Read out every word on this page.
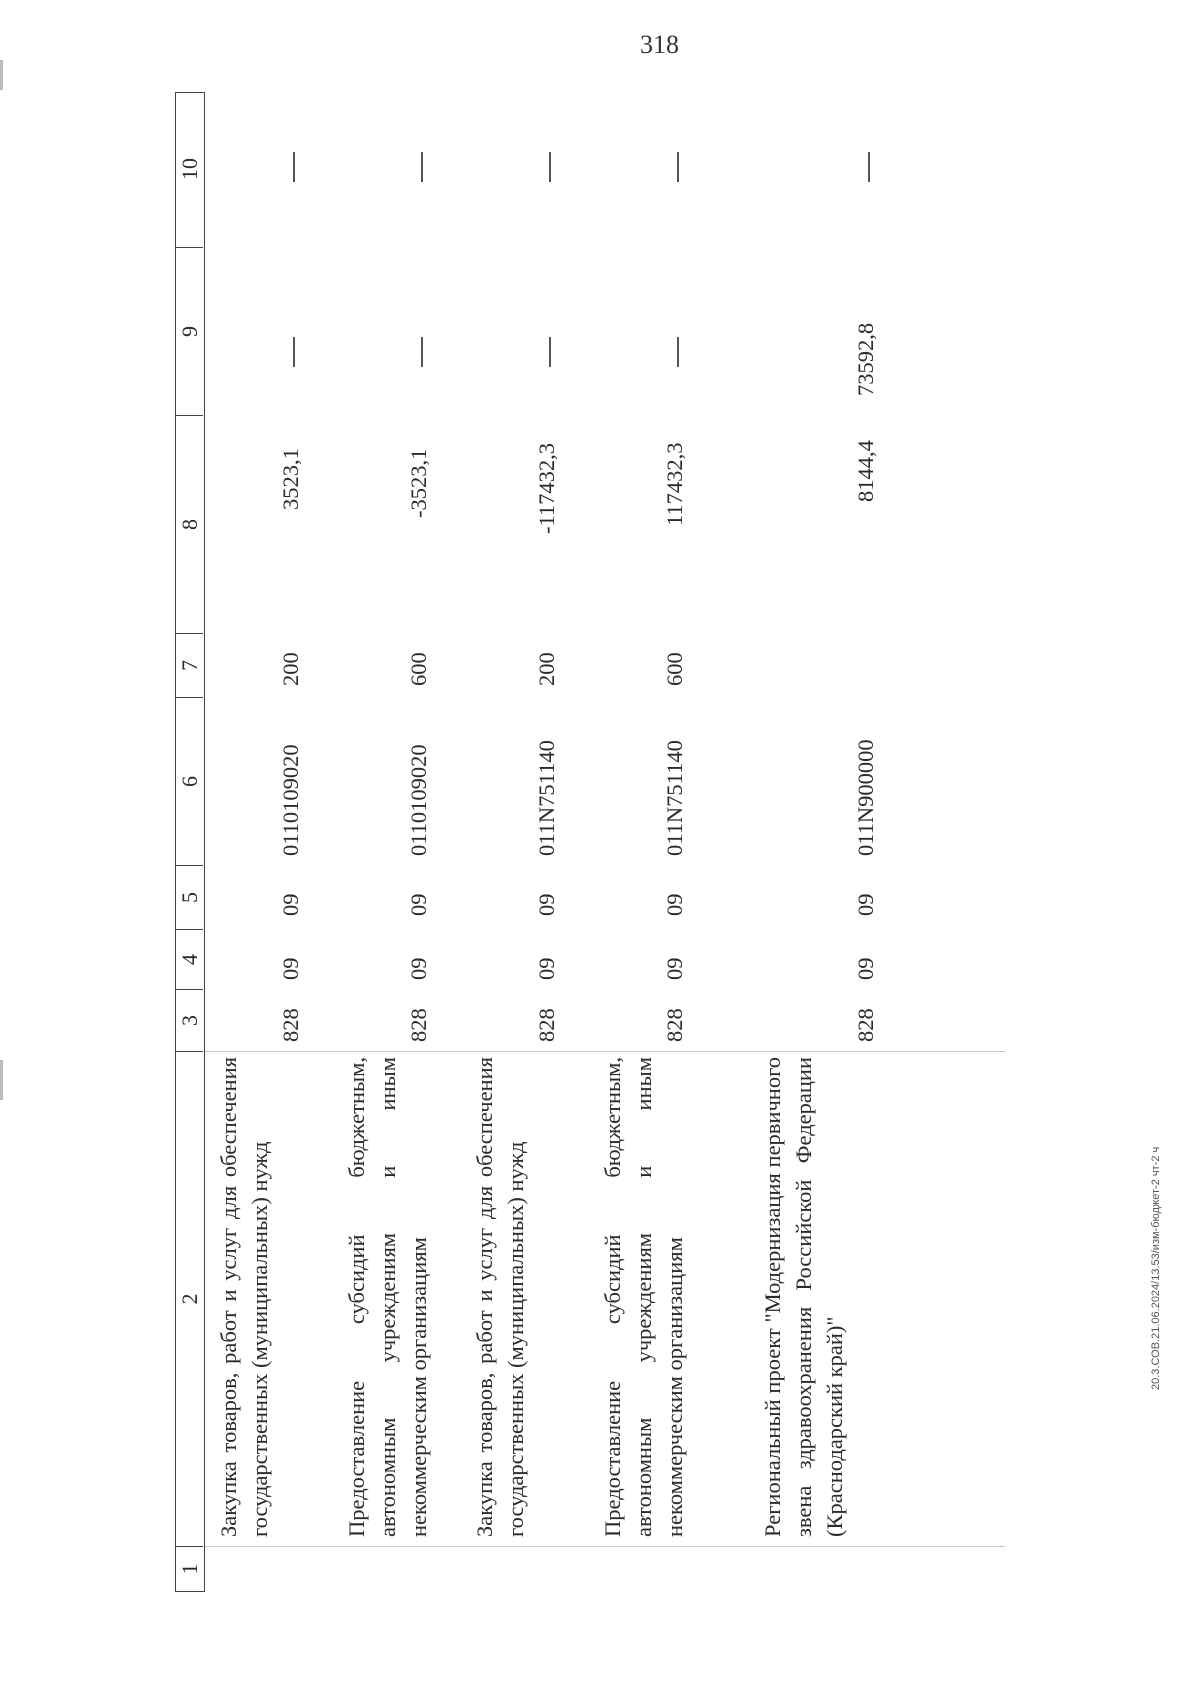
318
20.3.СОВ.21.06.2024/13.53/изм-бюджет-2 чт-2 ч
1
2
3
4
5
6
7
8
9
10
Закупка товаров, работ и услуг для обеспечения государственных (муниципальных) нужд
828
09
09
0110109020
200
3523,1
Предоставление субсидий бюджетным, автономным учреждениям и иным некоммерческим организациям
828
09
09
0110109020
600
-3523,1
Закупка товаров, работ и услуг для обеспечения государственных (муниципальных) нужд
828
09
09
011N751140
200
-117432,3
Предоставление субсидий бюджетным, автономным учреждениям и иным некоммерческим организациям
828
09
09
011N751140
600
117432,3
Региональный проект "Модернизация первичного звена здравоохранения Российской Федерации (Краснодарский край)"
828
09
09
011N900000
8144,4
73592,8
